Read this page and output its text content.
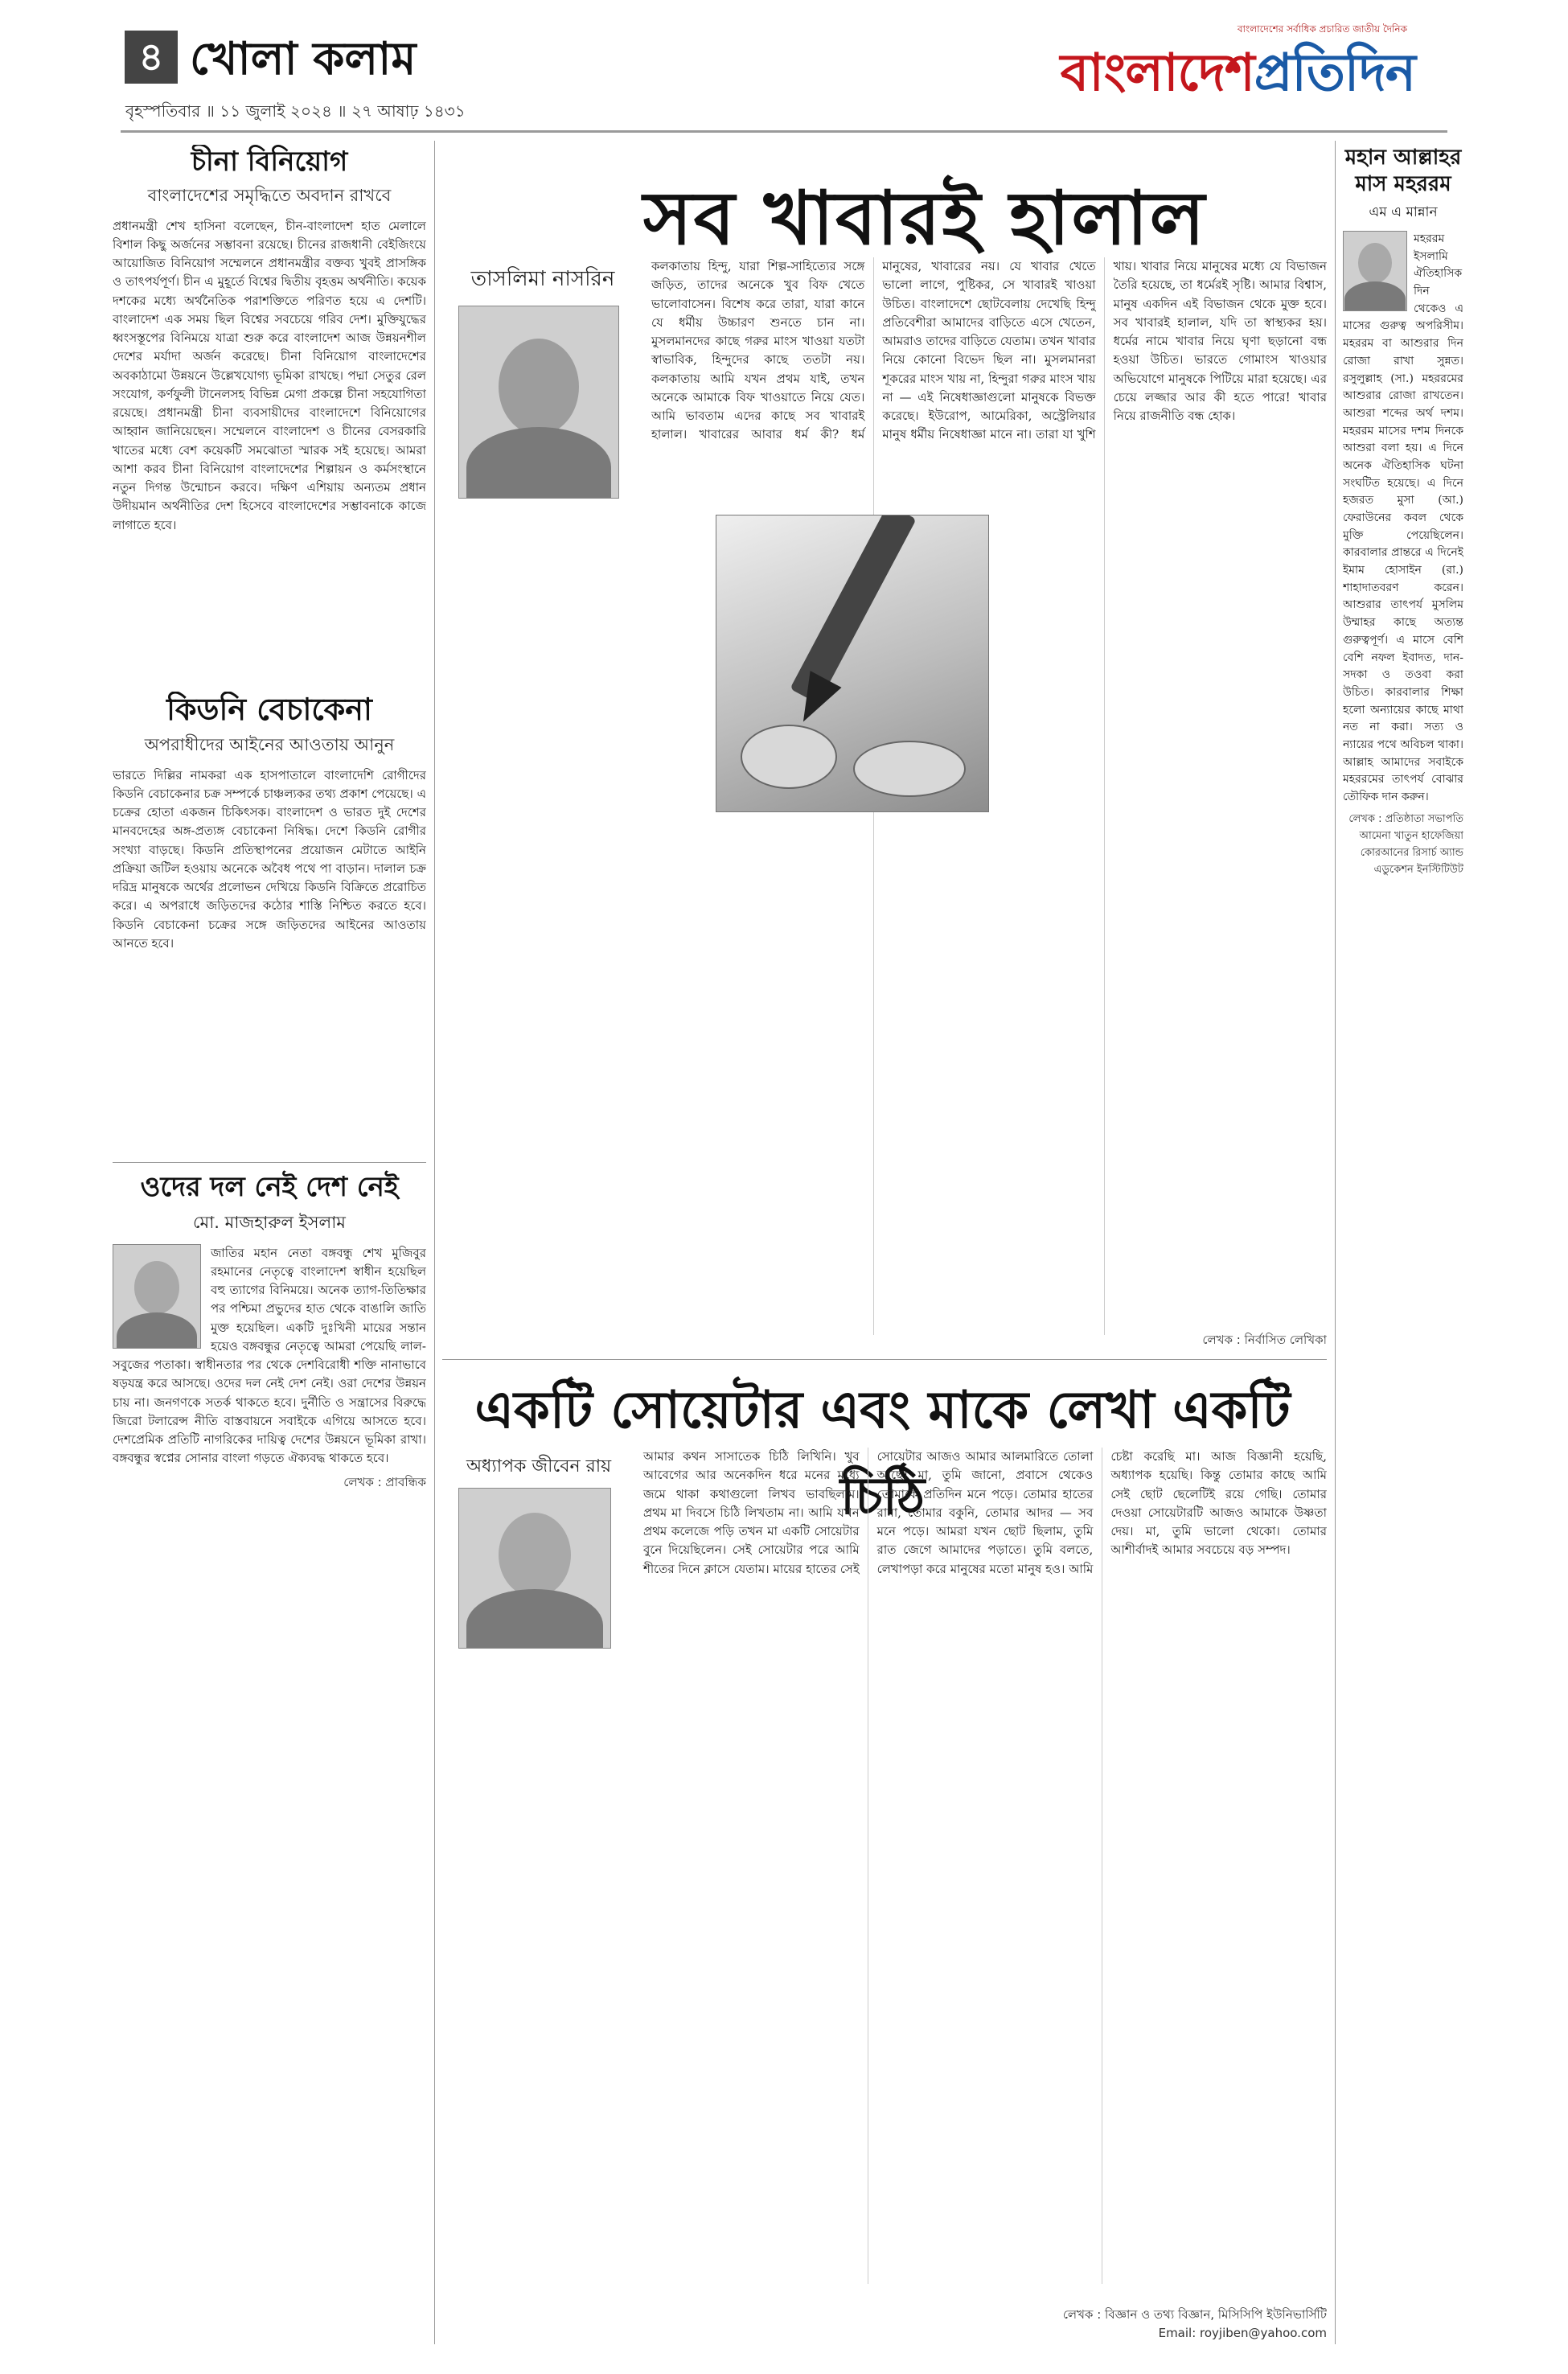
৪ খোলা কলাম
বৃহস্পতিবার ॥ ১১ জুলাই ২০২৪ ॥ ২৭ আষাঢ় ১৪৩১
বাংলাদেশের সর্বাধিক প্রচারিত জাতীয় দৈনিক
বাংলাদেশপ্রতিদিন
চীনা বিনিয়োগ
বাংলাদেশের সমৃদ্ধিতে অবদান রাখবে
প্রধানমন্ত্রী শেখ হাসিনা বলেছেন, চীন-বাংলাদেশ হাত মেলালে বিশাল কিছু অর্জনের সম্ভাবনা রয়েছে। চীনের রাজধানী বেইজিংয়ে আয়োজিত বিনিয়োগ সম্মেলনে প্রধানমন্ত্রীর বক্তব্য খুবই প্রাসঙ্গিক ও তাৎপর্যপূর্ণ। চীন এ মুহূর্তে বিশ্বের দ্বিতীয় বৃহত্তম অর্থনীতি। কয়েক দশকের মধ্যে অর্থনৈতিক পরাশক্তিতে পরিণত হয়ে এ দেশটি। বাংলাদেশ এক সময় ছিল বিশ্বের সবচেয়ে গরিব দেশ। মুক্তিযুদ্ধের ধ্বংসস্তূপের বিনিময়ে যাত্রা শুরু করে বাংলাদেশ আজ উন্নয়নশীল দেশের মর্যাদা অর্জন করেছে। চীনা বিনিয়োগ বাংলাদেশের অবকাঠামো উন্নয়নে উল্লেখযোগ্য ভূমিকা রাখছে। পদ্মা সেতুর রেল সংযোগ, কর্ণফুলী টানেলসহ বিভিন্ন মেগা প্রকল্পে চীনা সহযোগিতা রয়েছে। প্রধানমন্ত্রী চীনা ব্যবসায়ীদের বাংলাদেশে বিনিয়োগের আহ্বান জানিয়েছেন। সম্মেলনে বাংলাদেশ ও চীনের বেসরকারি খাতের মধ্যে বেশ কয়েকটি সমঝোতা স্মারক সই হয়েছে। আমরা আশা করব চীনা বিনিয়োগ বাংলাদেশের শিল্পায়ন ও কর্মসংস্থানে নতুন দিগন্ত উন্মোচন করবে। দক্ষিণ এশিয়ায় অন্যতম প্রধান উদীয়মান অর্থনীতির দেশ হিসেবে বাংলাদেশের সম্ভাবনাকে কাজে লাগাতে হবে।
কিডনি বেচাকেনা
অপরাধীদের আইনের আওতায় আনুন
ভারতে দিল্লির নামকরা এক হাসপাতালে বাংলাদেশি রোগীদের কিডনি বেচাকেনার চক্র সম্পর্কে চাঞ্চল্যকর তথ্য প্রকাশ পেয়েছে। এ চক্রের হোতা একজন চিকিৎসক। বাংলাদেশ ও ভারত দুই দেশের মানবদেহের অঙ্গ-প্রত্যঙ্গ বেচাকেনা নিষিদ্ধ। দেশে কিডনি রোগীর সংখ্যা বাড়ছে। কিডনি প্রতিস্থাপনের প্রয়োজন মেটাতে আইনি প্রক্রিয়া জটিল হওয়ায় অনেকে অবৈধ পথে পা বাড়ান। দালাল চক্র দরিদ্র মানুষকে অর্থের প্রলোভন দেখিয়ে কিডনি বিক্রিতে প্ররোচিত করে। এ অপরাধে জড়িতদের কঠোর শাস্তি নিশ্চিত করতে হবে। কিডনি বেচাকেনা চক্রের সঙ্গে জড়িতদের আইনের আওতায় আনতে হবে।
ওদের দল নেই দেশ নেই
মো. মাজহারুল ইসলাম
জাতির মহান নেতা বঙ্গবন্ধু শেখ মুজিবুর রহমানের নেতৃত্বে বাংলাদেশ স্বাধীন হয়েছিল বহু ত্যাগের বিনিময়ে। অনেক ত্যাগ-তিতিক্ষার পর পশ্চিমা প্রভুদের হাত থেকে বাঙালি জাতি মুক্ত হয়েছিল। একটি দুঃখিনী মায়ের সন্তান হয়েও বঙ্গবন্ধুর নেতৃত্বে আমরা পেয়েছি লাল-সবুজের পতাকা। স্বাধীনতার পর থেকে দেশবিরোধী শক্তি নানাভাবে ষড়যন্ত্র করে আসছে। ওদের দল নেই দেশ নেই। ওরা দেশের উন্নয়ন চায় না। জনগণকে সতর্ক থাকতে হবে। দুর্নীতি ও সন্ত্রাসের বিরুদ্ধে জিরো টলারেন্স নীতি বাস্তবায়নে সবাইকে এগিয়ে আসতে হবে। দেশপ্রেমিক প্রতিটি নাগরিকের দায়িত্ব দেশের উন্নয়নে ভূমিকা রাখা। বঙ্গবন্ধুর স্বপ্নের সোনার বাংলা গড়তে ঐক্যবদ্ধ থাকতে হবে।
লেখক : প্রাবন্ধিক
সব খাবারই হালাল
তাসলিমা নাসরিন
কলকাতায় হিন্দু, যারা শিল্প-সাহিত্যের সঙ্গে জড়িত, তাদের অনেকে খুব বিফ খেতে ভালোবাসেন। বিশেষ করে তারা, যারা কানে যে ধর্মীয় উচ্চারণ শুনতে চান না। মুসলমানদের কাছে গরুর মাংস খাওয়া যতটা স্বাভাবিক, হিন্দুদের কাছে ততটা নয়। কলকাতায় আমি যখন প্রথম যাই, তখন অনেকে আমাকে বিফ খাওয়াতে নিয়ে যেত। আমি ভাবতাম এদের কাছে সব খাবারই হালাল। খাবারের আবার ধর্ম কী? ধর্ম মানুষের, খাবারের নয়। যে খাবার খেতে ভালো লাগে, পুষ্টিকর, সে খাবারই খাওয়া উচিত। বাংলাদেশে ছোটবেলায় দেখেছি হিন্দু প্রতিবেশীরা আমাদের বাড়িতে এসে খেতেন, আমরাও তাদের বাড়িতে যেতাম। তখন খাবার নিয়ে কোনো বিভেদ ছিল না। মুসলমানরা শূকরের মাংস খায় না, হিন্দুরা গরুর মাংস খায় না — এই নিষেধাজ্ঞাগুলো মানুষকে বিভক্ত করেছে। ইউরোপ, আমেরিকা, অস্ট্রেলিয়ার মানুষ ধর্মীয় নিষেধাজ্ঞা মানে না। তারা যা খুশি খায়। খাবার নিয়ে মানুষের মধ্যে যে বিভাজন তৈরি হয়েছে, তা ধর্মেরই সৃষ্টি। আমার বিশ্বাস, মানুষ একদিন এই বিভাজন থেকে মুক্ত হবে। সব খাবারই হালাল, যদি তা স্বাস্থ্যকর হয়। ধর্মের নামে খাবার নিয়ে ঘৃণা ছড়ানো বন্ধ হওয়া উচিত। ভারতে গোমাংস খাওয়ার অভিযোগে মানুষকে পিটিয়ে মারা হয়েছে। এর চেয়ে লজ্জার আর কী হতে পারে! খাবার নিয়ে রাজনীতি বন্ধ হোক।
লেখক : নির্বাসিত লেখিকা
একটি সোয়েটার এবং মাকে লেখা একটি চিঠি
অধ্যাপক জীবেন রায়	আমার কথন সাসাতেক চিঠি লিখিনি। খুব আবেগের আর অনেকদিন ধরে মনের মধ্যে জমে থাকা কথাগুলো লিখব ভাবছিলাম। প্রথম মা দিবসে চিঠি লিখতাম না। আমি যখন প্রথম কলেজে পড়ি তখন মা একটি সোয়েটার বুনে দিয়েছিলেন। সেই সোয়েটার পরে আমি শীতের দিনে ক্লাসে যেতাম। মায়ের হাতের সেই সোয়েটার আজও আমার আলমারিতে তোলা আছে। মা, তুমি জানো, প্রবাসে থেকেও তোমাকে প্রতিদিন মনে পড়ে। তোমার হাতের রান্না, তোমার বকুনি, তোমার আদর — সব মনে পড়ে। আমরা যখন ছোট ছিলাম, তুমি রাত জেগে আমাদের পড়াতে। তুমি বলতে, লেখাপড়া করে মানুষের মতো মানুষ হও। আমি চেষ্টা করেছি মা। আজ বিজ্ঞানী হয়েছি, অধ্যাপক হয়েছি। কিন্তু তোমার কাছে আমি সেই ছোট ছেলেটিই রয়ে গেছি। তোমার দেওয়া সোয়েটারটি আজও আমাকে উষ্ণতা দেয়। মা, তুমি ভালো থেকো। তোমার আশীর্বাদই আমার সবচেয়ে বড় সম্পদ।
লেখক : বিজ্ঞান ও তথ্য বিজ্ঞান, মিসিসিপি ইউনিভার্সিটি
Email: royjiben@yahoo.com
মহান আল্লাহর মাস মহররম
এম এ মান্নান
মহররম ইসলামি ঐতিহাসিক দিন থেকেও এ মাসের গুরুত্ব অপরিসীম। মহররম বা আশুরার দিন রোজা রাখা সুন্নত। রসুলুল্লাহ (সা.) মহররমের আশুরার রোজা রাখতেন। আশুরা শব্দের অর্থ দশম। মহররম মাসের দশম দিনকে আশুরা বলা হয়। এ দিনে অনেক ঐতিহাসিক ঘটনা সংঘটিত হয়েছে। এ দিনে হজরত মুসা (আ.) ফেরাউনের কবল থেকে মুক্তি পেয়েছিলেন। কারবালার প্রান্তরে এ দিনেই ইমাম হোসাইন (রা.) শাহাদাতবরণ করেন। আশুরার তাৎপর্য মুসলিম উম্মাহর কাছে অত্যন্ত গুরুত্বপূর্ণ। এ মাসে বেশি বেশি নফল ইবাদত, দান-সদকা ও তওবা করা উচিত। কারবালার শিক্ষা হলো অন্যায়ের কাছে মাথা নত না করা। সত্য ও ন্যায়ের পথে অবিচল থাকা। আল্লাহ আমাদের সবাইকে মহররমের তাৎপর্য বোঝার তৌফিক দান করুন।
লেখক : প্রতিষ্ঠাতা সভাপতি আমেনা খাতুন হাফেজিয়া কোরআনের রিসার্চ অ্যান্ড এডুকেশন ইনস্টিটিউট
